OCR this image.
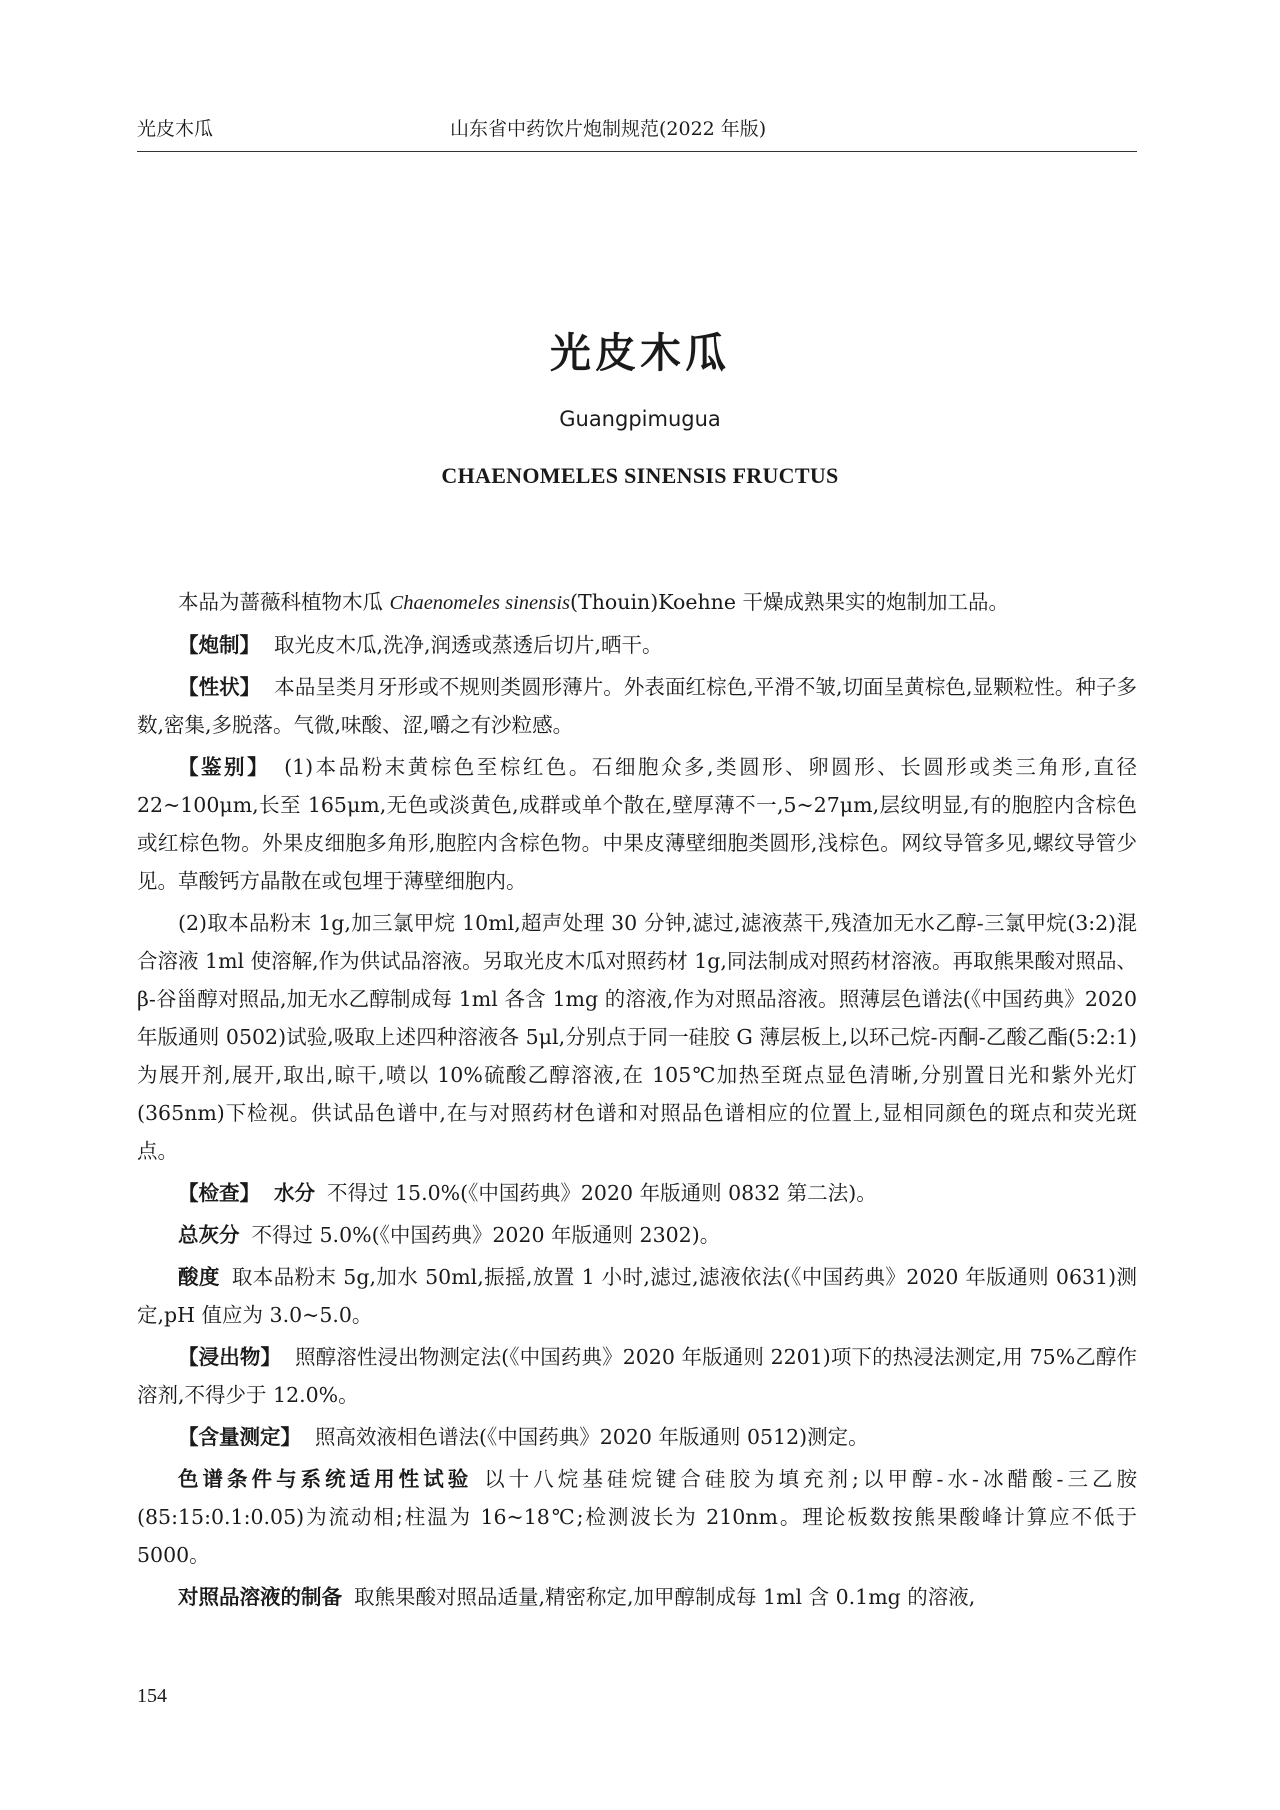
光皮木瓜	山东省中药饮片炮制规范(2022 年版)
光皮木瓜
Guangpimugua
CHAENOMELES SINENSIS FRUCTUS

本品为蔷薇科植物木瓜 Chaenomeles sinensis(Thouin)Koehne 干燥成熟果实的炮制加工品。

【炮制】 取光皮木瓜,洗净,润透或蒸透后切片,晒干。

【性状】 本品呈类月牙形或不规则类圆形薄片。外表面红棕色,平滑不皱,切面呈黄棕色,显颗粒性。种子多数,密集,多脱落。气微,味酸、涩,嚼之有沙粒感。

【鉴别】 (1)本品粉末黄棕色至棕红色。石细胞众多,类圆形、卵圆形、长圆形或类三角形,直径 22~100μm,长至 165μm,无色或淡黄色,成群或单个散在,壁厚薄不一,5~27μm,层纹明显,有的胞腔内含棕色或红棕色物。外果皮细胞多角形,胞腔内含棕色物。中果皮薄壁细胞类圆形,浅棕色。网纹导管多见,螺纹导管少见。草酸钙方晶散在或包埋于薄壁细胞内。

(2)取本品粉末 1g,加三氯甲烷 10ml,超声处理 30 分钟,滤过,滤液蒸干,残渣加无水乙醇-三氯甲烷(3:2)混合溶液 1ml 使溶解,作为供试品溶液。另取光皮木瓜对照药材 1g,同法制成对照药材溶液。再取熊果酸对照品、β-谷甾醇对照品,加无水乙醇制成每 1ml 各含 1mg 的溶液,作为对照品溶液。照薄层色谱法(《中国药典》2020 年版通则 0502)试验,吸取上述四种溶液各 5μl,分别点于同一硅胶 G 薄层板上,以环己烷-丙酮-乙酸乙酯(5:2:1)为展开剂,展开,取出,晾干,喷以 10%硫酸乙醇溶液,在 105℃加热至斑点显色清晰,分别置日光和紫外光灯(365nm)下检视。供试品色谱中,在与对照药材色谱和对照品色谱相应的位置上,显相同颜色的斑点和荧光斑点。

【检查】 水分 不得过 15.0%(《中国药典》2020 年版通则 0832 第二法)。

总灰分 不得过 5.0%(《中国药典》2020 年版通则 2302)。

酸度 取本品粉末 5g,加水 50ml,振摇,放置 1 小时,滤过,滤液依法(《中国药典》2020 年版通则 0631)测定,pH 值应为 3.0~5.0。

【浸出物】 照醇溶性浸出物测定法(《中国药典》2020 年版通则 2201)项下的热浸法测定,用 75%乙醇作溶剂,不得少于 12.0%。

【含量测定】 照高效液相色谱法(《中国药典》2020 年版通则 0512)测定。

色谱条件与系统适用性试验 以十八烷基硅烷键合硅胶为填充剂;以甲醇-水-冰醋酸-三乙胺(85:15:0.1:0.05)为流动相;柱温为 16~18℃;检测波长为 210nm。理论板数按熊果酸峰计算应不低于 5000。

对照品溶液的制备 取熊果酸对照品适量,精密称定,加甲醇制成每 1ml 含 0.1mg 的溶液,

154
